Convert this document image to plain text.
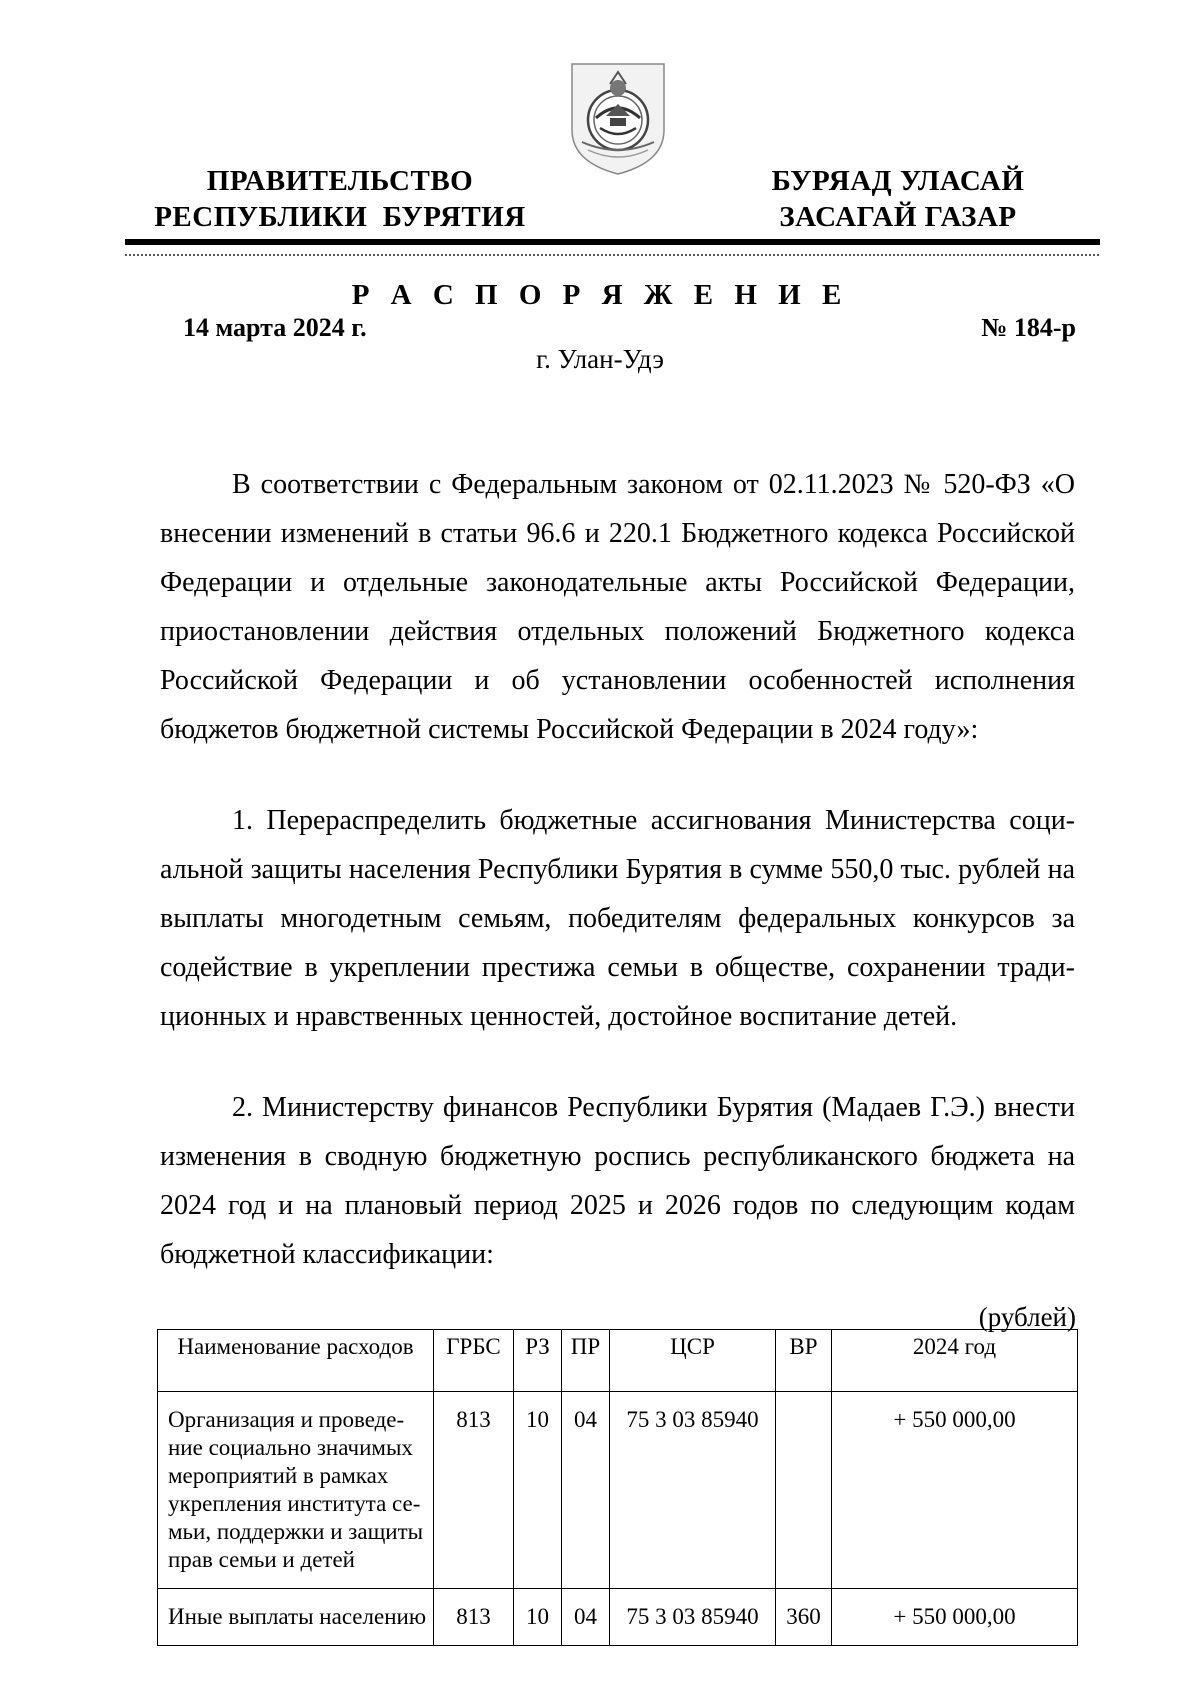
ПРАВИТЕЛЬСТВО
РЕСПУБЛИКИ  БУРЯТИЯ
БУРЯАД УЛАСАЙ
ЗАСАГАЙ ГАЗАР
Р А С П О Р Я Ж Е Н И Е
14 марта 2024 г.	№ 184-р
г. Улан-Удэ

В соответствии с Федеральным законом от 02.11.2023 № 520-ФЗ «О внесении изменений в статьи 96.6 и 220.1 Бюджетного кодекса Российской Федерации и отдельные законодательные акты Российской Федерации, приостановлении действия отдельных положений Бюджетного кодекса Российской Федерации и об установлении особенностей исполнения бюджетов бюджетной системы Российской Федерации в 2024 году»:

1. Перераспределить бюджетные ассигнования Министерства социальной защиты населения Республики Бурятия в сумме 550,0 тыс. рублей на выплаты многодетным семьям, победителям федеральных конкурсов за содействие в укреплении престижа семьи в обществе, сохранении традиционных и нравственных ценностей, достойное воспитание детей.

2. Министерству финансов Республики Бурятия (Мадаев Г.Э.) внести изменения в сводную бюджетную роспись республиканского бюджета на 2024 год и на плановый период 2025 и 2026 годов по следующим кодам бюджетной классификации:

(рублей)
Наименование расходов	ГРБС	РЗ	ПР	ЦСР	ВР	2024 год
Организация и проведение социально значимых мероприятий в рамках укрепления института семьи, поддержки и защиты прав семьи и детей	813	10	04	75 3 03 85940		+ 550 000,00
Иные выплаты населению	813	10	04	75 3 03 85940	360	+ 550 000,00
